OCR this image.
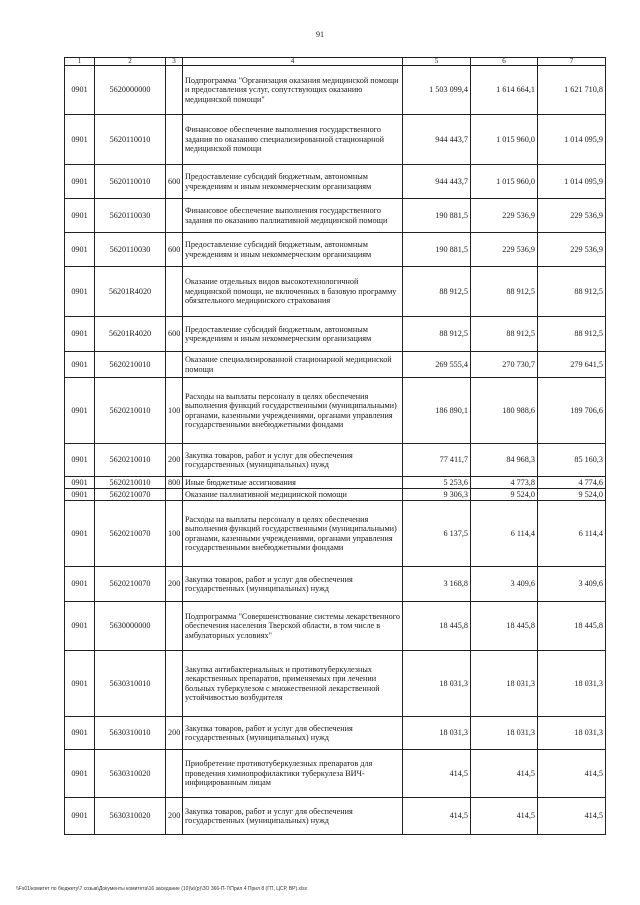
91
1	2	3	4	5	6	7
0901	5620000000		Подпрограмма "Организация оказания медицинской помощи и предоставления услуг, сопутствующих оказанию медицинской помощи"	1 503 099,4	1 614 664,1	1 621 710,8
0901	5620110010		Финансовое обеспечение выполнения государственного задания по оказанию специализированной стационарной медицинской помощи	944 443,7	1 015 960,0	1 014 095,9
0901	5620110010	600	Предоставление субсидий бюджетным, автономным учреждениям и иным некоммерческим организациям	944 443,7	1 015 960,0	1 014 095,9
0901	5620110030		Финансовое обеспечение выполнения государственного задания по оказанию паллиативной медицинской помощи	190 881,5	229 536,9	229 536,9
0901	5620110030	600	Предоставление субсидий бюджетным, автономным учреждениям и иным некоммерческим организациям	190 881,5	229 536,9	229 536,9
0901	56201R4020		Оказание отдельных видов высокотехнологичной медицинской помощи, не включенных в базовую программу обязательного медицинского страхования	88 912,5	88 912,5	88 912,5
0901	56201R4020	600	Предоставление субсидий бюджетным, автономным учреждениям и иным некоммерческим организациям	88 912,5	88 912,5	88 912,5
0901	5620210010		Оказание специализированной стационарной медицинской помощи	269 555,4	270 730,7	279 641,5
0901	5620210010	100	Расходы на выплаты персоналу в целях обеспечения выполнения функций государственными (муниципальными) органами, казенными учреждениями, органами управления государственными внебюджетными фондами	186 890,1	180 988,6	189 706,6
0901	5620210010	200	Закупка товаров, работ и услуг для обеспечения государственных (муниципальных) нужд	77 411,7	84 968,3	85 160,3
0901	5620210010	800	Иные бюджетные ассигнования	5 253,6	4 773,8	4 774,6
0901	5620210070		Оказание паллиативной медицинской помощи	9 306,3	9 524,0	9 524,0
0901	5620210070	100	Расходы на выплаты персоналу в целях обеспечения выполнения функций государственными (муниципальными) органами, казенными учреждениями, органами управления государственными внебюджетными фондами	6 137,5	6 114,4	6 114,4
0901	5620210070	200	Закупка товаров, работ и услуг для обеспечения государственных (муниципальных) нужд	3 168,8	3 409,6	3 409,6
0901	5630000000		Подпрограмма "Совершенствование системы лекарственного обеспечения населения Тверской области, в том числе в амбулаторных условиях"	18 445,8	18 445,8	18 445,8
0901	5630310010		Закупка антибактериальных и противотуберкулезных лекарственных препаратов, применяемых при лечении больных туберкулезом с множественной лекарственной устойчивостью возбудителя	18 031,3	18 031,3	18 031,3
0901	5630310010	200	Закупка товаров, работ и услуг для обеспечения государственных (муниципальных) нужд	18 031,3	18 031,3	18 031,3
0901	5630310020		Приобретение противотуберкулезных препаратов для проведения химиопрофилактики туберкулеза ВИЧ-инфицированным лицам	414,5	414,5	414,5
0901	5630310020	200	Закупка товаров, работ и услуг для обеспечения государственных (муниципальных) нужд	414,5	414,5	414,5
\\Fs01\комитет по бюджету\7 созыв\Документы комитета\16 заседание (10)\к\(р)\ЗО 366-П-7\Прил 4 Прил 8 (ГП, ЦСР, ВР).xlsx
